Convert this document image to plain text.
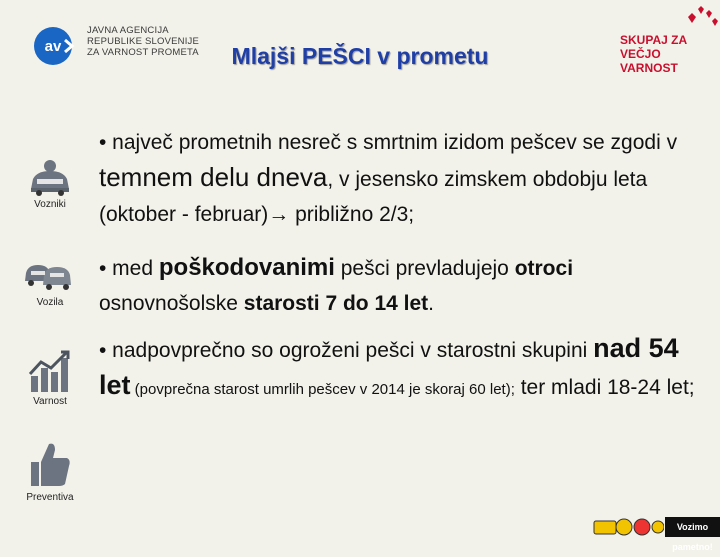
av
JAVNA AGENCIJA
REPUBLIKE SLOVENIJE
ZA VARNOST PROMETA	Mlajši PEŠCI v prometu
SKUPAJ ZA
VEČJO VARNOST
Vozniki
Vozila
Varnost
Preventiva
• največ prometnih nesreč s smrtnim izidom pešcev se zgodi v temnem delu dneva, v jesensko zimskem obdobju leta (oktober - februar)→ približno 2/3;
• med poškodovanimi pešci prevladujejo otroci osnovnošolske starosti 7 do 14 let.
• nadpovprečno so ogroženi pešci v starostni skupini nad 54 let (povprečna starost umrlih pešcev v 2014 je skoraj 60 let); ter mladi 18-24 let;
Vozimo pametno!
